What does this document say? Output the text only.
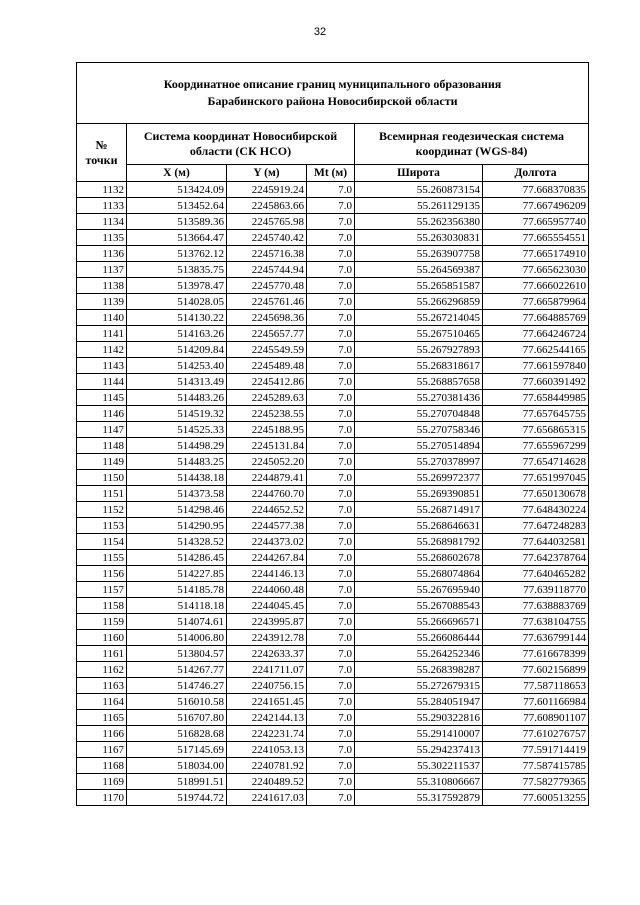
32
Координатное описание границ муниципального образования
Барабинского района Новосибирской области					

№
точки	Система координат Новосибирской области (СК НСО)			Всемирная геодезическая система координат (WGS-84)	
	X (м)	Y (м)	Mt (м)	Широта	Долгота
1132	513424.09	2245919.24	7.0	55.260873154	77.668370835
1133	513452.64	2245863.66	7.0	55.261129135	77.667496209
1134	513589.36	2245765.98	7.0	55.262356380	77.665957740
1135	513664.47	2245740.42	7.0	55.263030831	77.665554551
1136	513762.12	2245716.38	7.0	55.263907758	77.665174910
1137	513835.75	2245744.94	7.0	55.264569387	77.665623030
1138	513978.47	2245770.48	7.0	55.265851587	77.666022610
1139	514028.05	2245761.46	7.0	55.266296859	77.665879964
1140	514130.22	2245698.36	7.0	55.267214045	77.664885769
1141	514163.26	2245657.77	7.0	55.267510465	77.664246724
1142	514209.84	2245549.59	7.0	55.267927893	77.662544165
1143	514253.40	2245489.48	7.0	55.268318617	77.661597840
1144	514313.49	2245412.86	7.0	55.268857658	77.660391492
1145	514483.26	2245289.63	7.0	55.270381436	77.658449985
1146	514519.32	2245238.55	7.0	55.270704848	77.657645755
1147	514525.33	2245188.95	7.0	55.270758346	77.656865315
1148	514498.29	2245131.84	7.0	55.270514894	77.655967299
1149	514483.25	2245052.20	7.0	55.270378997	77.654714628
1150	514438.18	2244879.41	7.0	55.269972377	77.651997045
1151	514373.58	2244760.70	7.0	55.269390851	77.650130678
1152	514298.46	2244652.52	7.0	55.268714917	77.648430224
1153	514290.95	2244577.38	7.0	55.268646631	77.647248283
1154	514328.52	2244373.02	7.0	55.268981792	77.644032581
1155	514286.45	2244267.84	7.0	55.268602678	77.642378764
1156	514227.85	2244146.13	7.0	55.268074864	77.640465282
1157	514185.78	2244060.48	7.0	55.267695940	77.639118770
1158	514118.18	2244045.45	7.0	55.267088543	77.638883769
1159	514074.61	2243995.87	7.0	55.266696571	77.638104755
1160	514006.80	2243912.78	7.0	55.266086444	77.636799144
1161	513804.57	2242633.37	7.0	55.264252346	77.616678399
1162	514267.77	2241711.07	7.0	55.268398287	77.602156899
1163	514746.27	2240756.15	7.0	55.272679315	77.587118653
1164	516010.58	2241651.45	7.0	55.284051947	77.601166984
1165	516707.80	2242144.13	7.0	55.290322816	77.608901107
1166	516828.68	2242231.74	7.0	55.291410007	77.610276757
1167	517145.69	2241053.13	7.0	55.294237413	77.591714419
1168	518034.00	2240781.92	7.0	55.302211537	77.587415785
1169	518991.51	2240489.52	7.0	55.310806667	77.582779365
1170	519744.72	2241617.03	7.0	55.317592879	77.600513255
